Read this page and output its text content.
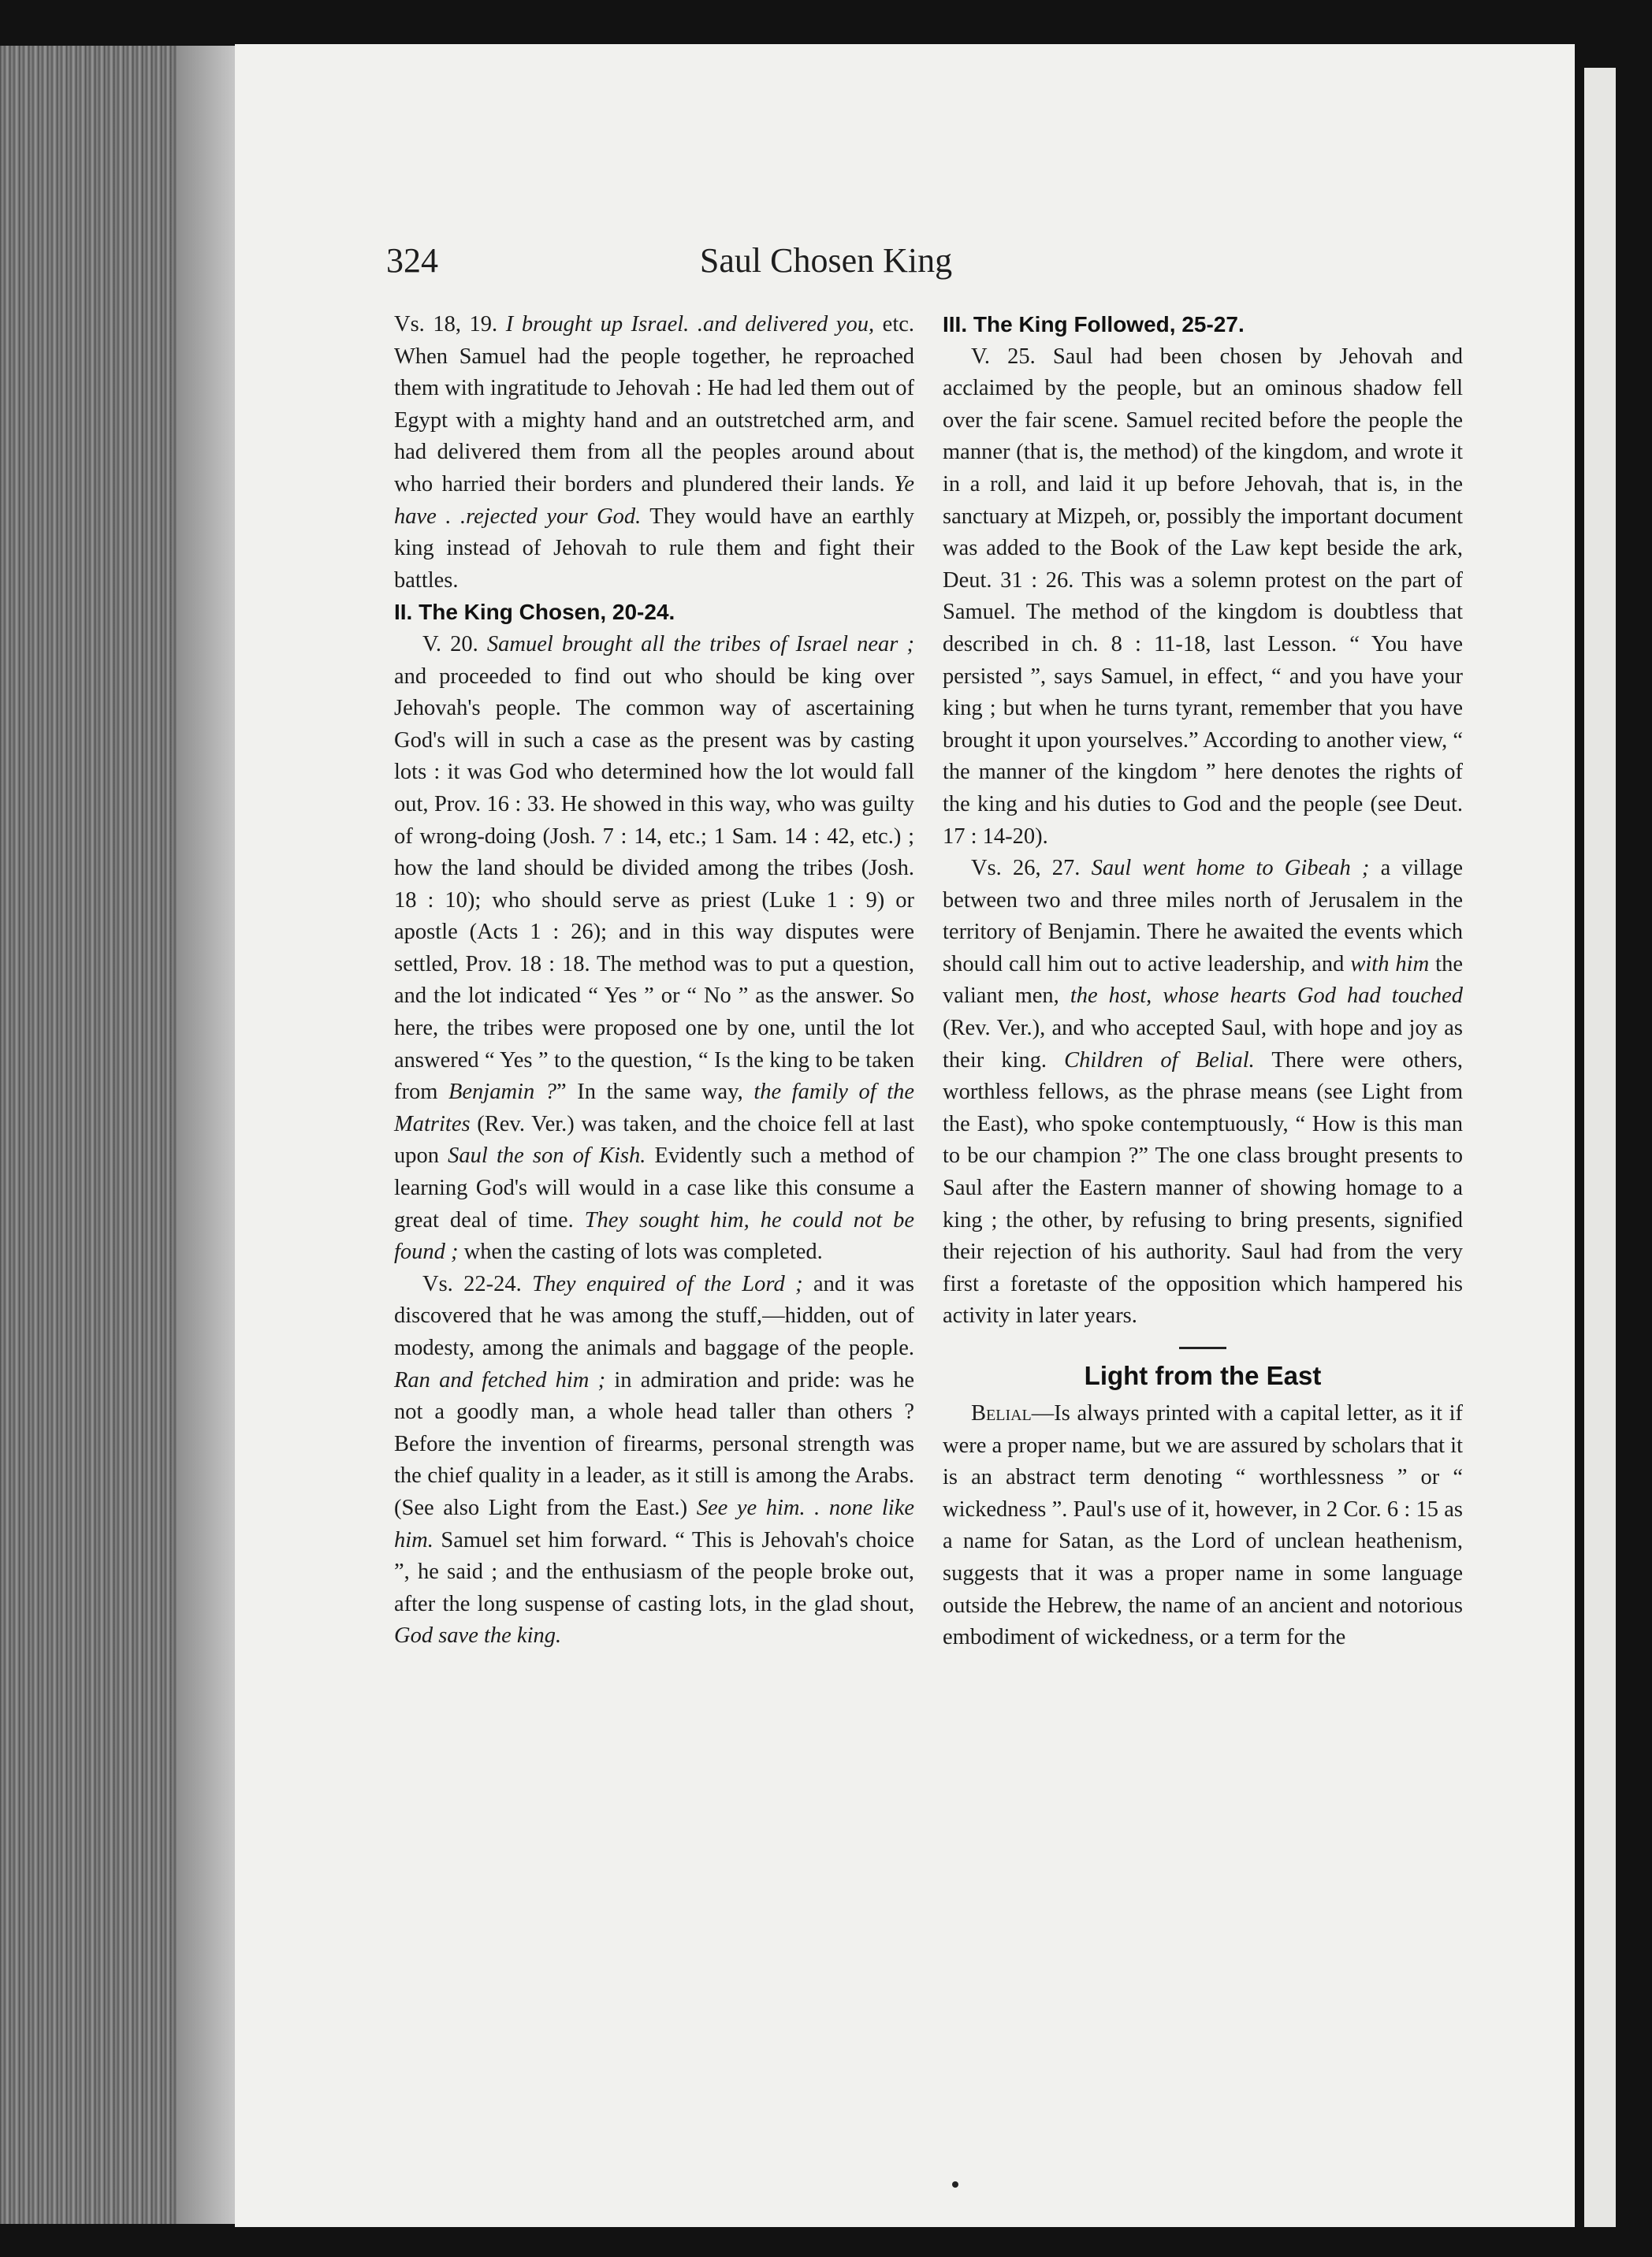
324	Saul Chosen King

Vs. 18, 19. I brought up Israel. .and delivered you, etc. When Samuel had the people together, he reproached them with ingratitude to Jehovah : He had led them out of Egypt with a mighty hand and an outstretched arm, and had delivered them from all the peoples around about who harried their borders and plundered their lands. Ye have . .rejected your God. They would have an earthly king instead of Jehovah to rule them and fight their battles.

II. The King Chosen, 20-24.

V. 20. Samuel brought all the tribes of Israel near ; and proceeded to find out who should be king over Jehovah's people. The common way of ascertaining God's will in such a case as the present was by casting lots : it was God who determined how the lot would fall out, Prov. 16 : 33. He showed in this way, who was guilty of wrong-doing (Josh. 7 : 14, etc.; 1 Sam. 14 : 42, etc.) ; how the land should be divided among the tribes (Josh. 18 : 10); who should serve as priest (Luke 1 : 9) or apostle (Acts 1 : 26); and in this way disputes were settled, Prov. 18 : 18. The method was to put a question, and the lot indicated “ Yes ” or “ No ” as the answer. So here, the tribes were proposed one by one, until the lot answered “ Yes ” to the question, “ Is the king to be taken from Benjamin ?” In the same way, the family of the Matrites (Rev. Ver.) was taken, and the choice fell at last upon Saul the son of Kish. Evidently such a method of learning God's will would in a case like this consume a great deal of time. They sought him, he could not be found ; when the casting of lots was completed.

Vs. 22-24. They enquired of the Lord ; and it was discovered that he was among the stuff,—hidden, out of modesty, among the animals and baggage of the people. Ran and fetched him ; in admiration and pride: was he not a goodly man, a whole head taller than others ? Before the invention of firearms, personal strength was the chief quality in a leader, as it still is among the Arabs. (See also Light from the East.) See ye him. . none like him. Samuel set him forward. “ This is Jehovah's choice ”, he said ; and the enthusiasm of the people broke out, after the long suspense of casting lots, in the glad shout, God save the king.

III. The King Followed, 25-27.

V. 25. Saul had been chosen by Jehovah and acclaimed by the people, but an ominous shadow fell over the fair scene. Samuel recited before the people the manner (that is, the method) of the kingdom, and wrote it in a roll, and laid it up before Jehovah, that is, in the sanctuary at Mizpeh, or, possibly the important document was added to the Book of the Law kept beside the ark, Deut. 31 : 26. This was a solemn protest on the part of Samuel. The method of the kingdom is doubtless that described in ch. 8 : 11-18, last Lesson. “ You have persisted ”, says Samuel, in effect, “ and you have your king ; but when he turns tyrant, remember that you have brought it upon yourselves.” According to another view, “ the manner of the kingdom ” here denotes the rights of the king and his duties to God and the people (see Deut. 17 : 14-20).

Vs. 26, 27. Saul went home to Gibeah ; a village between two and three miles north of Jerusalem in the territory of Benjamin. There he awaited the events which should call him out to active leadership, and with him the valiant men, the host, whose hearts God had touched (Rev. Ver.), and who accepted Saul, with hope and joy as their king. Children of Belial. There were others, worthless fellows, as the phrase means (see Light from the East), who spoke contemptuously, “ How is this man to be our champion ?” The one class brought presents to Saul after the Eastern manner of showing homage to a king ; the other, by refusing to bring presents, signified their rejection of his authority. Saul had from the very first a foretaste of the opposition which hampered his activity in later years.

Light from the East

Belial—Is always printed with a capital letter, as it if were a proper name, but we are assured by scholars that it is an abstract term denoting “ worthlessness ” or “ wickedness ”. Paul's use of it, however, in 2 Cor. 6 : 15 as a name for Satan, as the Lord of unclean heathenism, suggests that it was a proper name in some language outside the Hebrew, the name of an ancient and notorious embodiment of wickedness, or a term for the
